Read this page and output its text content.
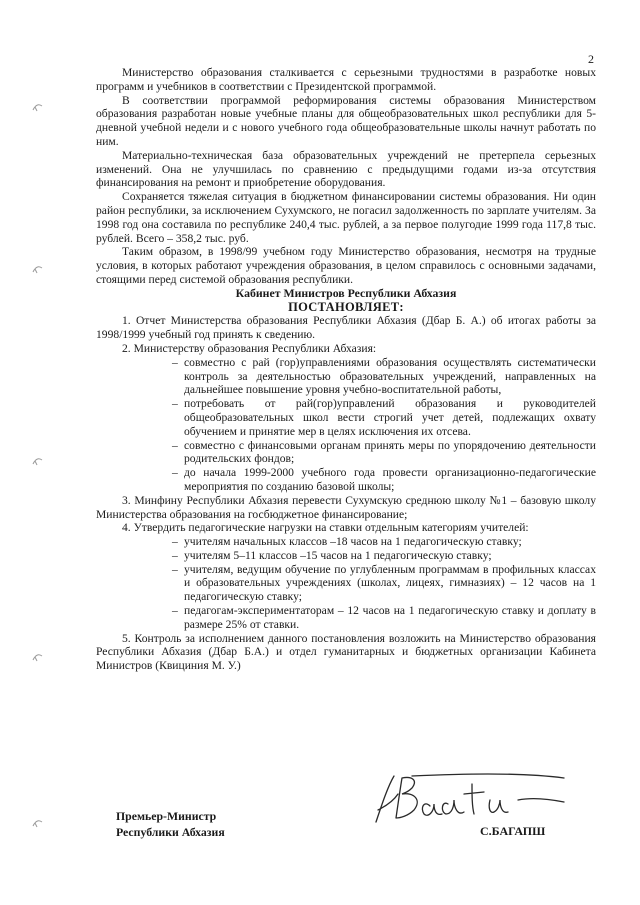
2

Министерство образования сталкивается с серьезными трудностями в разработке новых программ и учебников в соответствии с Президентской программой.

В соответствии программой реформирования системы образования Министерством образования разработан новые учебные планы для общеобразовательных школ республики для 5-дневной учебной недели и с нового учебного года общеобразовательные школы начнут работать по ним.

Материально-техническая база образовательных учреждений не претерпела серьезных изменений. Она не улучшилась по сравнению с предыдущими годами из-за отсутствия финансирования на ремонт и приобретение оборудования.

Сохраняется тяжелая ситуация в бюджетном финансировании системы образования. Ни один район республики, за исключением Сухумского, не погасил задолженность по зарплате учителям. За 1998 год она составила по республике 240,4 тыс. рублей, а за первое полугодие 1999 года 117,8 тыс. рублей. Всего – 358,2 тыс. руб.

Таким образом, в 1998/99 учебном году Министерство образования, несмотря на трудные условия, в которых работают учреждения образования, в целом справилось с основными задачами, стоящими перед системой образования республики.

Кабинет Министров Республики Абхазия

ПОСТАНОВЛЯЕТ:

1. Отчет Министерства образования Республики Абхазия (Дбар Б. А.) об итогах работы за 1998/1999 учебный год принять к сведению.

2. Министерству образования Республики Абхазия:

– совместно с рай (гор)управлениями образования осуществлять систематически контроль за деятельностью образовательных учреждений, направленных на дальнейшее повышение уровня учебно-воспитательной работы,
– потребовать от рай(гор)управлений образования и руководителей общеобразовательных школ вести строгий учет детей, подлежащих охвату обучением и принятие мер в целях исключения их отсева.
– совместно с финансовыми органам принять меры по упорядочению деятельности родительских фондов;
– до начала 1999-2000 учебного года провести организационно-педагогические мероприятия по созданию базовой школы;

3. Минфину Республики Абхазия перевести Сухумскую среднюю школу №1 – базовую школу Министерства образования на госбюджетное финансирование;

4. Утвердить педагогические нагрузки на ставки отдельным категориям учителей:

– учителям начальных классов –18 часов на 1 педагогическую ставку;
– учителям 5–11 классов –15 часов на 1 педагогическую ставку;
– учителям, ведущим обучение по углубленным программам в профильных классах и образовательных учреждениях (школах, лицеях, гимназиях) – 12 часов на 1 педагогическую ставку;
– педагогам-экспериментаторам – 12 часов на 1 педагогическую ставку и доплату в размере 25% от ставки.

5. Контроль за исполнением данного постановления возложить на Министерство образования Республики Абхазия (Дбар Б.А.) и отдел гуманитарных и бюджетных организации Кабинета Министров (Квициния М. У.)

Премьер-Министр
Республики Абхазия	С.БАГАПШ
